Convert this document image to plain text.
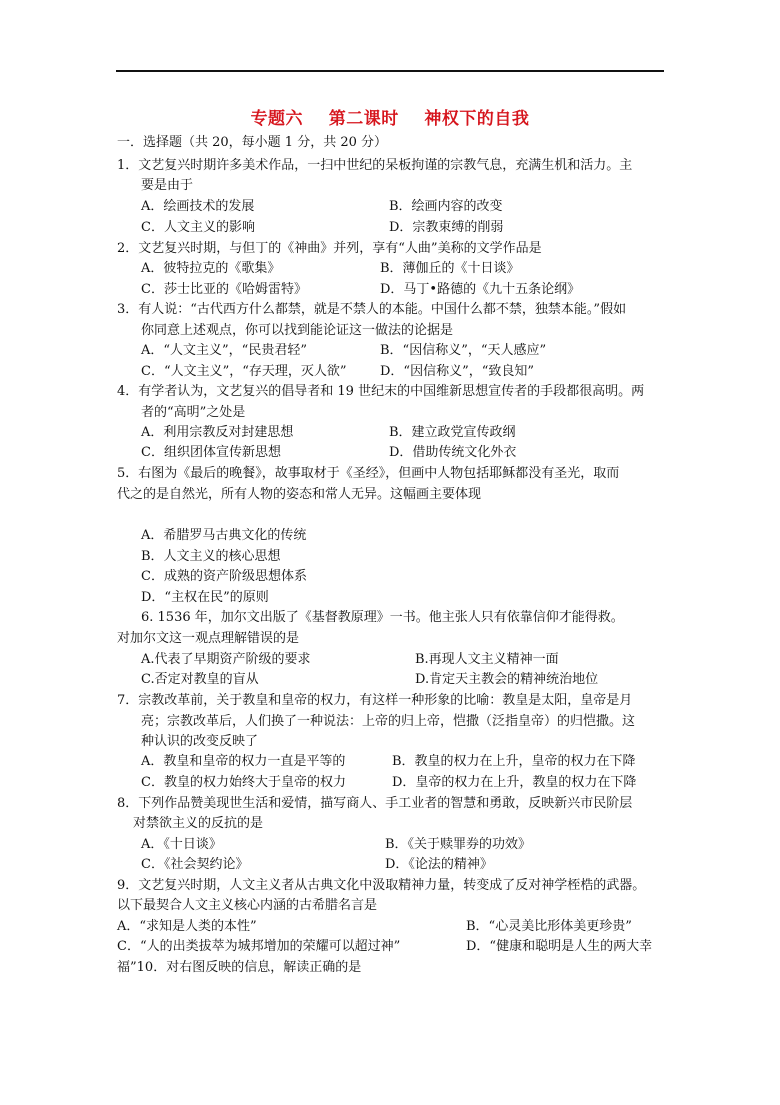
专题六    第二课时    神权下的自我
一．选择题（共 20，每小题 1 分，共 20 分）
1．文艺复兴时期许多美术作品，一扫中世纪的呆板拘谨的宗教气息，充满生机和活力。主
要是由于
A．绘画技术的发展	B．绘画内容的改变
C．人文主义的影响	D．宗教束缚的削弱
2．文艺复兴时期，与但丁的《神曲》并列，享有“人曲”美称的文学作品是
A．彼特拉克的《歌集》	B．薄伽丘的《十日谈》
C．莎士比亚的《哈姆雷特》	D．马丁•路德的《九十五条论纲》
3．有人说：“古代西方什么都禁，就是不禁人的本能。中国什么都不禁，独禁本能。”假如
你同意上述观点，你可以找到能论证这一做法的论据是
A．“人文主义”，“民贵君轻”	B．“因信称义”，“天人感应”
C．“人文主义”，“存天理，灭人欲”	D．“因信称义”，“致良知”
4．有学者认为，文艺复兴的倡导者和 19 世纪末的中国维新思想宣传者的手段都很高明。两
者的“高明”之处是
A．利用宗教反对封建思想	B．建立政党宣传政纲
C．组织团体宣传新思想	D．借助传统文化外衣
5．右图为《最后的晚餐》，故事取材于《圣经》，但画中人物包括耶稣都没有圣光，取而
代之的是自然光，所有人物的姿态和常人无异。这幅画主要体现
A．希腊罗马古典文化的传统
B．人文主义的核心思想
C．成熟的资产阶级思想体系
D．“主权在民”的原则
6. 1536 年，加尔文出版了《基督教原理》一书。他主张人只有依靠信仰才能得救。
对加尔文这一观点理解错误的是
A.代表了早期资产阶级的要求	B.再现人文主义精神一面
C.否定对教皇的盲从	D.肯定天主教会的精神统治地位
7．宗教改革前，关于教皇和皇帝的权力，有这样一种形象的比喻：教皇是太阳，皇帝是月
亮；宗教改革后，人们换了一种说法：上帝的归上帝，恺撒（泛指皇帝）的归恺撒。这
种认识的改变反映了
A．教皇和皇帝的权力一直是平等的	B．教皇的权力在上升，皇帝的权力在下降
C．教皇的权力始终大于皇帝的权力	D．皇帝的权力在上升，教皇的权力在下降
8．下列作品赞美现世生活和爱情，描写商人、手工业者的智慧和勇敢，反映新兴市民阶层
对禁欲主义的反抗的是
A．《十日谈》	B．《关于赎罪券的功效》
C．《社会契约论》	D．《论法的精神》
9．文艺复兴时期，人文主义者从古典文化中汲取精神力量，转变成了反对神学桎梏的武器。
以下最契合人文主义核心内涵的古希腊名言是
A．“求知是人类的本性”	B．“心灵美比形体美更珍贵”
C．“人的出类拔萃为城邦增加的荣耀可以超过神”	D．“健康和聪明是人生的两大幸
福”10．对右图反映的信息，解读正确的是
